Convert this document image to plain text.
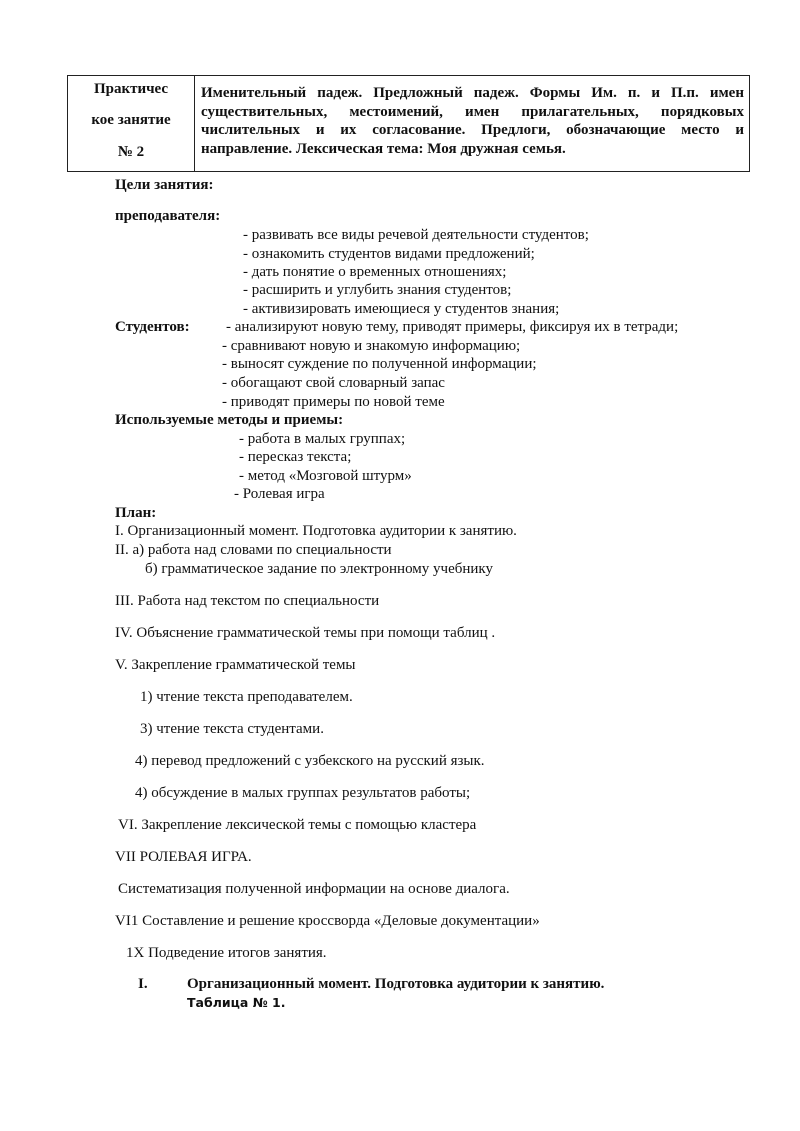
Практичес
кое занятие
№ 2
Именительный падеж. Предложный падеж. Формы Им. п. и П.п. имен существительных, местоимений, имен прилагательных, порядковых числительных и их согласование. Предлоги, обозначающие место и направление. Лексическая тема: Моя дружная семья.
Цели занятия:
преподавателя:
- развивать все виды речевой деятельности студентов;
- ознакомить студентов видами предложений;
- дать понятие о временных отношениях;
- расширить и углубить знания студентов;
- активизировать имеющиеся у студентов знания;
Студентов: - анализируют новую тему, приводят примеры, фиксируя их в тетради;
- сравнивают новую и знакомую информацию;
- выносят суждение по полученной информации;
- обогащают свой словарный запас
- приводят примеры по новой теме
Используемые методы и приемы:
- работа в малых группах;
- пересказ текста;
- метод «Мозговой штурм»
- Ролевая игра
План:
I. Организационный момент. Подготовка аудитории к занятию.
II. а) работа над словами по специальности
б) грамматическое задание по электронному учебнику
III. Работа над текстом по специальности
IV. Объяснение грамматической темы при помощи таблиц .
V. Закрепление грамматической темы
1) чтение текста преподавателем.
3) чтение текста студентами.
4) перевод предложений с узбекского на русский язык.
4) обсуждение в малых группах результатов работы;
VI. Закрепление лексической темы с помощью кластера
VII РОЛЕВАЯ ИГРА.
Систематизация полученной информации на основе диалога.
VI1 Составление и решение кроссворда «Деловые документации»
1Х Подведение итогов занятия.
I.	Организационный момент. Подготовка аудитории к занятию.
Таблица № 1.
